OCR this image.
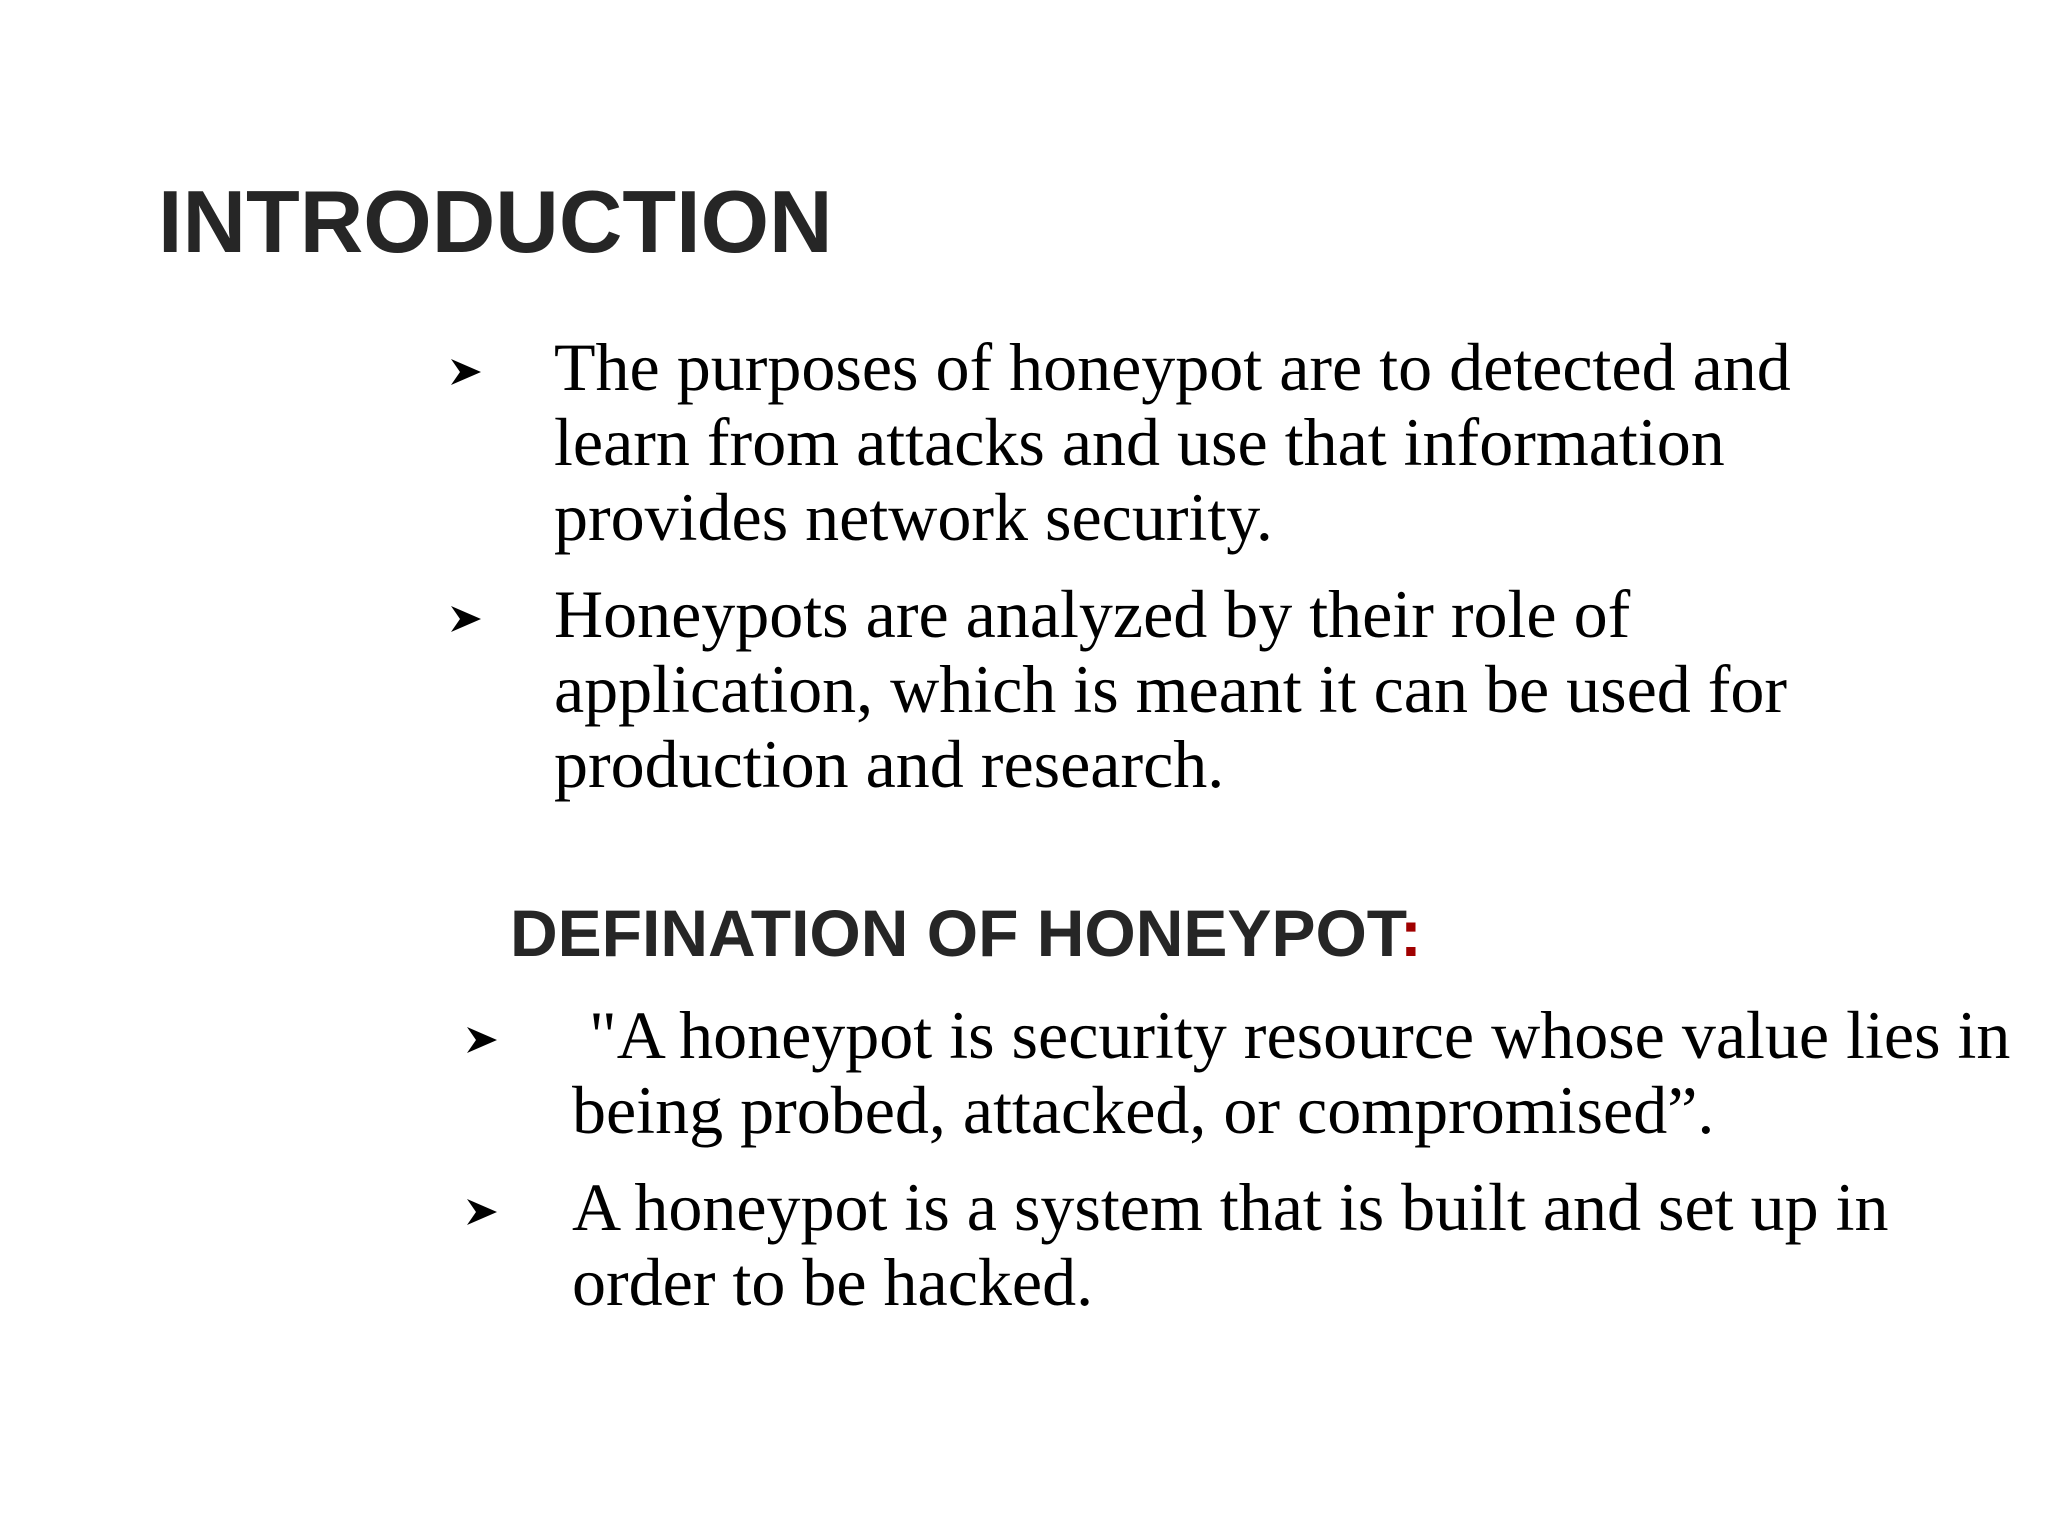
INTRODUCTION
The purposes of honeypot are to detected and learn from attacks and use that information provides network security.
Honeypots are analyzed by their role of application, which is meant it can be used for production and research.
DEFINATION OF HONEYPOT:
"A honeypot is security resource whose value lies in being probed, attacked, or compromised”.
A honeypot is a system that is built and set up in order to be hacked.
